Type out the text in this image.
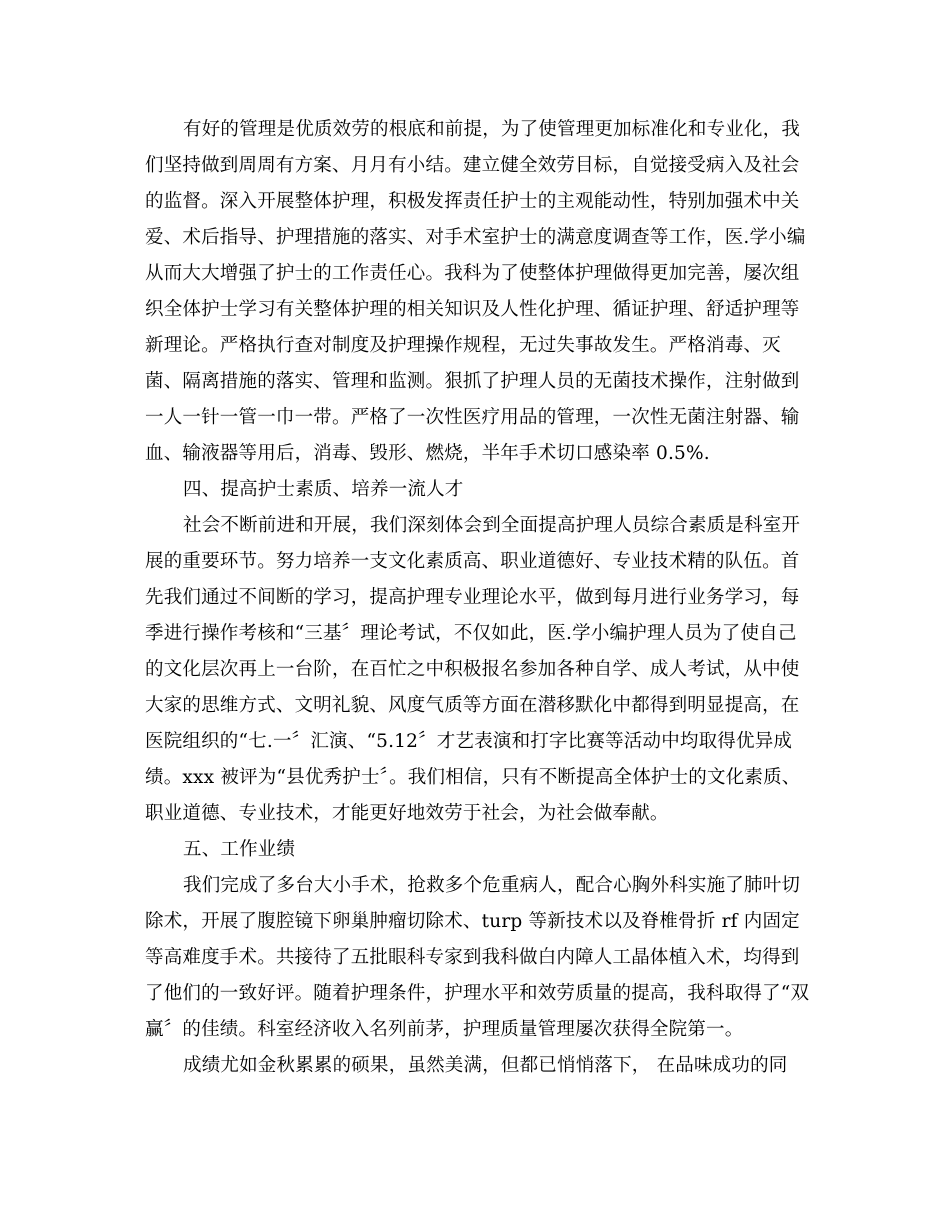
有好的管理是优质效劳的根底和前提，为了使管理更加标准化和专业化，我
们坚持做到周周有方案、月月有小结。建立健全效劳目标，自觉接受病入及社会
的监督。深入开展整体护理，积极发挥责任护士的主观能动性，特别加强术中关
爱、术后指导、护理措施的落实、对手术室护士的满意度调查等工作，医.学小编
从而大大增强了护士的工作责任心。我科为了使整体护理做得更加完善，屡次组
织全体护士学习有关整体护理的相关知识及人性化护理、循证护理、舒适护理等
新理论。严格执行查对制度及护理操作规程，无过失事故发生。严格消毒、灭
菌、隔离措施的落实、管理和监测。狠抓了护理人员的无菌技术操作，注射做到
一人一针一管一巾一带。严格了一次性医疗用品的管理，一次性无菌注射器、输
血、输液器等用后，消毒、毁形、燃烧，半年手术切口感染率 0.5%.
四、提高护士素质、培养一流人才
社会不断前进和开展，我们深刻体会到全面提高护理人员综合素质是科室开
展的重要环节。努力培养一支文化素质高、职业道德好、专业技术精的队伍。首
先我们通过不间断的学习，提高护理专业理论水平，做到每月进行业务学习，每
季进行操作考核和“三基〞理论考试，不仅如此，医.学小编护理人员为了使自己
的文化层次再上一台阶，在百忙之中积极报名参加各种自学、成人考试，从中使
大家的思维方式、文明礼貌、风度气质等方面在潜移默化中都得到明显提高，在
医院组织的“七.一〞汇演、“5.12〞才艺表演和打字比赛等活动中均取得优异成
绩。xxx 被评为“县优秀护士〞。我们相信，只有不断提高全体护士的文化素质、
职业道德、专业技术，才能更好地效劳于社会，为社会做奉献。
五、工作业绩
我们完成了多台大小手术，抢救多个危重病人，配合心胸外科实施了肺叶切
除术，开展了腹腔镜下卵巢肿瘤切除术、turp 等新技术以及脊椎骨折 rf 内固定
等高难度手术。共接待了五批眼科专家到我科做白内障人工晶体植入术，均得到
了他们的一致好评。随着护理条件，护理水平和效劳质量的提高，我科取得了“双
赢〞的佳绩。科室经济收入名列前茅，护理质量管理屡次获得全院第一。
成绩尤如金秋累累的硕果，虽然美满，但都已悄悄落下， 在品味成功的同
